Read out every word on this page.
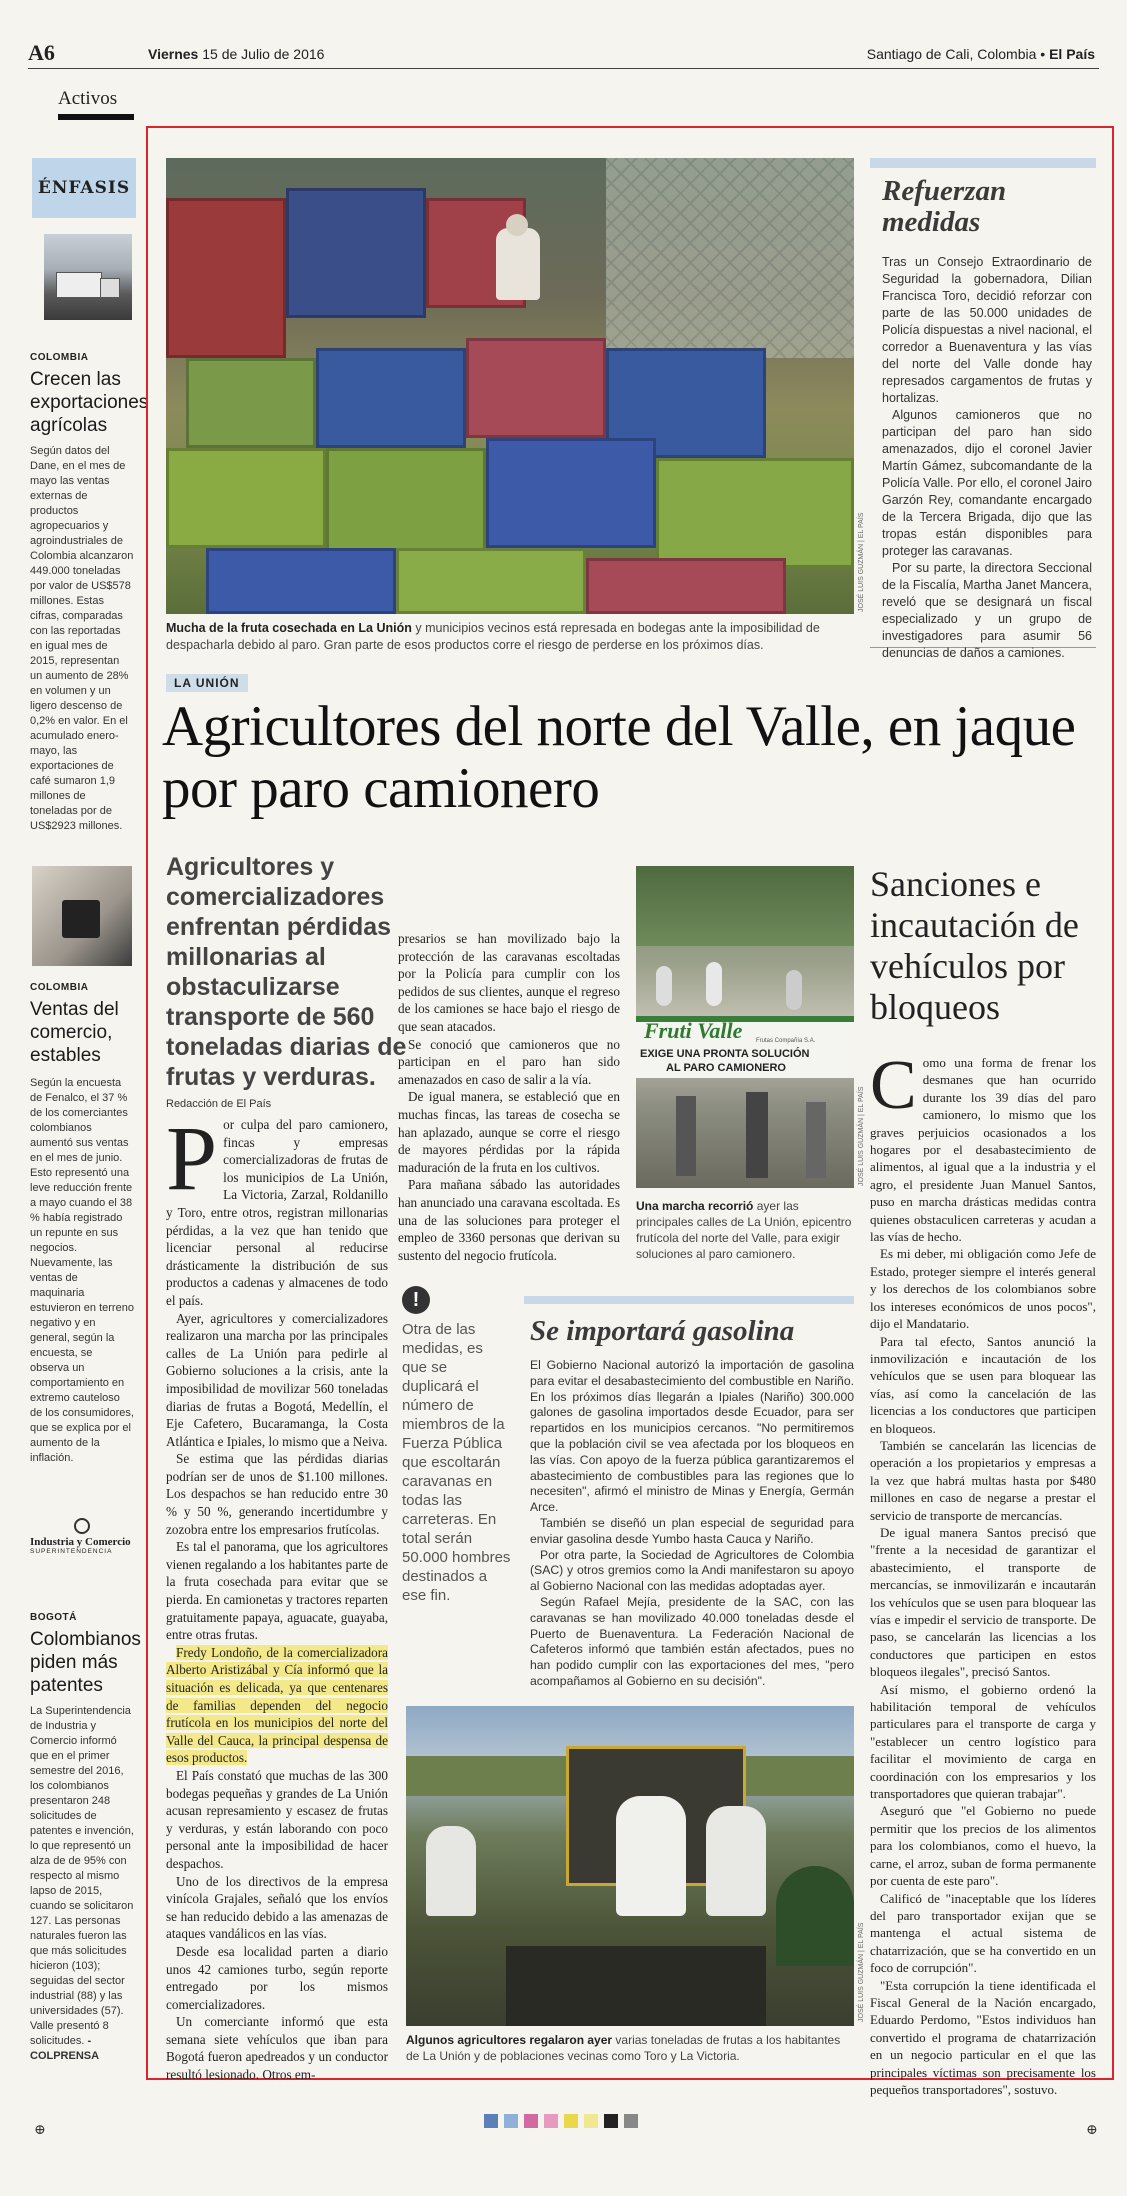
A6	Viernes 15 de Julio de 2016	Santiago de Cali, Colombia • El País
Activos
ÉNFASIS
COLOMBIA
Crecen las exportaciones agrícolas
Según datos del Dane, en el mes de mayo las ventas externas de productos agropecuarios y agroindustriales de Colombia alcanzaron 449.000 toneladas por valor de US$578 millones. Estas cifras, comparadas con las reportadas en igual mes de 2015, representan un aumento de 28% en volumen y un ligero descenso de 0,2% en valor. En el acumulado enero-mayo, las exportaciones de café sumaron 1,9 millones de toneladas por de US$2923 millones.
COLOMBIA
Ventas del comercio, estables
Según la encuesta de Fenalco, el 37 % de los comerciantes colombianos aumentó sus ventas en el mes de junio. Esto representó una leve reducción frente a mayo cuando el 38 % había registrado un repunte en sus negocios. Nuevamente, las ventas de maquinaria estuvieron en terreno negativo y en general, según la encuesta, se observa un comportamiento en extremo cauteloso de los consumidores, que se explica por el aumento de la inflación.
Industria y Comercio
SUPERINTENDENCIA
BOGOTÁ
Colombianos piden más patentes
La Superintendencia de Industria y Comercio informó que en el primer semestre del 2016, los colombianos presentaron 248 solicitudes de patentes e invención, lo que representó un alza de de 95% con respecto al mismo lapso de 2015, cuando se solicitaron 127. Las personas naturales fueron las que más solicitudes hicieron (103); seguidas del sector industrial (88) y las universidades (57). Valle presentó 8 solicitudes. -COLPRENSA
JOSÉ LUIS GUZMÁN | EL PAÍS
Mucha de la fruta cosechada en La Unión y municipios vecinos está represada en bodegas ante la imposibilidad de despacharla debido al paro. Gran parte de esos productos corre el riesgo de perderse en los próximos días.
Refuerzan medidas

Tras un Consejo Extraordinario de Seguridad la gobernadora, Dilian Francisca Toro, decidió reforzar con parte de las 50.000 unidades de Policía dispuestas a nivel nacional, el corredor a Buenaventura y las vías del norte del Valle donde hay represados cargamentos de frutas y hortalizas.

Algunos camioneros que no participan del paro han sido amenazados, dijo el coronel Javier Martín Gámez, subcomandante de la Policía Valle. Por ello, el coronel Jairo Garzón Rey, comandante encargado de la Tercera Brigada, dijo que las tropas están disponibles para proteger las caravanas.

Por su parte, la directora Seccional de la Fiscalía, Martha Janet Mancera, reveló que se designará un fiscal especializado y un grupo de investigadores para asumir 56 denuncias de daños a camiones.

LA UNIÓN
Agricultores del norte del Valle, en jaque por paro camionero
Agricultores y comercializadores enfrentan pérdidas millonarias al obstaculizarse transporte de 560 toneladas diarias de frutas y verduras.
Redacción de El País
P or culpa del paro camionero, fincas y empresas comercializadoras de frutas de los municipios de La Unión, La Victoria, Zarzal, Roldanillo y Toro, entre otros, registran millonarias pérdidas, a la vez que han tenido que licenciar personal al reducirse drásticamente la distribución de sus productos a cadenas y almacenes de todo el país.

Ayer, agricultores y comercializadores realizaron una marcha por las principales calles de La Unión para pedirle al Gobierno soluciones a la crisis, ante la imposibilidad de movilizar 560 toneladas diarias de frutas a Bogotá, Medellín, el Eje Cafetero, Bucaramanga, la Costa Atlántica e Ipiales, lo mismo que a Neiva.

Se estima que las pérdidas diarias podrían ser de unos de $1.100 millones. Los despachos se han reducido entre 30 % y 50 %, generando incertidumbre y zozobra entre los empresarios frutícolas.

Es tal el panorama, que los agricultores vienen regalando a los habitantes parte de la fruta cosechada para evitar que se pierda. En camionetas y tractores reparten gratuitamente papaya, aguacate, guayaba, entre otras frutas.

Fredy Londoño, de la comercializadora Alberto Aristizábal y Cía informó que la situación es delicada, ya que centenares de familias dependen del negocio frutícola en los municipios del norte del Valle del Cauca, la principal despensa de esos productos.

El País constató que muchas de las 300 bodegas pequeñas y grandes de La Unión acusan represamiento y escasez de frutas y verduras, y están laborando con poco personal ante la imposibilidad de hacer despachos.

Uno de los directivos de la empresa vinícola Grajales, señaló que los envíos se han reducido debido a las amenazas de ataques vandálicos en las vías.

Desde esa localidad parten a diario unos 42 camiones turbo, según reporte entregado por los mismos comercializadores.

Un comerciante informó que esta semana siete vehículos que iban para Bogotá fueron apedreados y un conductor resultó lesionado. Otros em-

presarios se han movilizado bajo la protección de las caravanas escoltadas por la Policía para cumplir con los pedidos de sus clientes, aunque el regreso de los camiones se hace bajo el riesgo de que sean atacados.

Se conoció que camioneros que no participan en el paro han sido amenazados en caso de salir a la vía.

De igual manera, se estableció que en muchas fincas, las tareas de cosecha se han aplazado, aunque se corre el riesgo de mayores pérdidas por la rápida maduración de la fruta en los cultivos.

Para mañana sábado las autoridades han anunciado una caravana escoltada. Es una de las soluciones para proteger el empleo de 3360 personas que derivan su sustento del negocio frutícola.

!
Otra de las medidas, es que se duplicará el número de miembros de la Fuerza Pública que escoltarán caravanas en todas las carreteras. En total serán 50.000 hombres destinados a ese fin.
Fruti Valle Frutas Compañía S.A.
EXIGE UNA PRONTA SOLUCIÓN
AL PARO CAMIONERO
JOSÉ LUIS GUZMÁN | EL PAÍS
Una marcha recorrió ayer las principales calles de La Unión, epicentro frutícola del norte del Valle, para exigir soluciones al paro camionero.
Se importará gasolina

El Gobierno Nacional autorizó la importación de gasolina para evitar el desabastecimiento del combustible en Nariño. En los próximos días llegarán a Ipiales (Nariño) 300.000 galones de gasolina importados desde Ecuador, para ser repartidos en los municipios cercanos. "No permitiremos que la población civil se vea afectada por los bloqueos en las vías. Con apoyo de la fuerza pública garantizaremos el abastecimiento de combustibles para las regiones que lo necesiten", afirmó el ministro de Minas y Energía, Germán Arce.

También se diseñó un plan especial de seguridad para enviar gasolina desde Yumbo hasta Cauca y Nariño.

Por otra parte, la Sociedad de Agricultores de Colombia (SAC) y otros gremios como la Andi manifestaron su apoyo al Gobierno Nacional con las medidas adoptadas ayer.

Según Rafael Mejía, presidente de la SAC, con las caravanas se han movilizado 40.000 toneladas desde el Puerto de Buenaventura. La Federación Nacional de Cafeteros informó que también están afectados, pues no han podido cumplir con las exportaciones del mes, "pero acompañamos al Gobierno en su decisión".

JOSÉ LUIS GUZMÁN | EL PAÍS
Algunos agricultores regalaron ayer varias toneladas de frutas a los habitantes de La Unión y de poblaciones vecinas como Toro y La Victoria.
Sanciones e incautación de vehículos por bloqueos
C omo una forma de frenar los desmanes que han ocurrido durante los 39 días del paro camionero, lo mismo que los graves perjuicios ocasionados a los hogares por el desabastecimiento de alimentos, al igual que a la industria y el agro, el presidente Juan Manuel Santos, puso en marcha drásticas medidas contra quienes obstaculicen carreteras y acudan a las vías de hecho.

Es mi deber, mi obligación como Jefe de Estado, proteger siempre el interés general y los derechos de los colombianos sobre los intereses económicos de unos pocos", dijo el Mandatario.

Para tal efecto, Santos anunció la inmovilización e incautación de los vehículos que se usen para bloquear las vías, así como la cancelación de las licencias a los conductores que participen en bloqueos.

También se cancelarán las licencias de operación a los propietarios y empresas a la vez que habrá multas hasta por $480 millones en caso de negarse a prestar el servicio de transporte de mercancías.

De igual manera Santos precisó que "frente a la necesidad de garantizar el abastecimiento, el transporte de mercancías, se inmovilizarán e incautarán los vehículos que se usen para bloquear las vías e impedir el servicio de transporte. De paso, se cancelarán las licencias a los conductores que participen en estos bloqueos ilegales", precisó Santos.

Así mismo, el gobierno ordenó la habilitación temporal de vehículos particulares para el transporte de carga y "establecer un centro logístico para facilitar el movimiento de carga en coordinación con los empresarios y los transportadores que quieran trabajar".

Aseguró que "el Gobierno no puede permitir que los precios de los alimentos para los colombianos, como el huevo, la carne, el arroz, suban de forma permanente por cuenta de este paro".

Calificó de "inaceptable que los líderes del paro transportador exijan que se mantenga el actual sistema de chatarrización, que se ha convertido en un foco de corrupción".

"Esta corrupción la tiene identificada el Fiscal General de la Nación encargado, Eduardo Perdomo, "Estos individuos han convertido el programa de chatarrización en un negocio particular en el que las principales víctimas son precisamente los pequeños transportadores", sostuvo.

⊕	⊕
